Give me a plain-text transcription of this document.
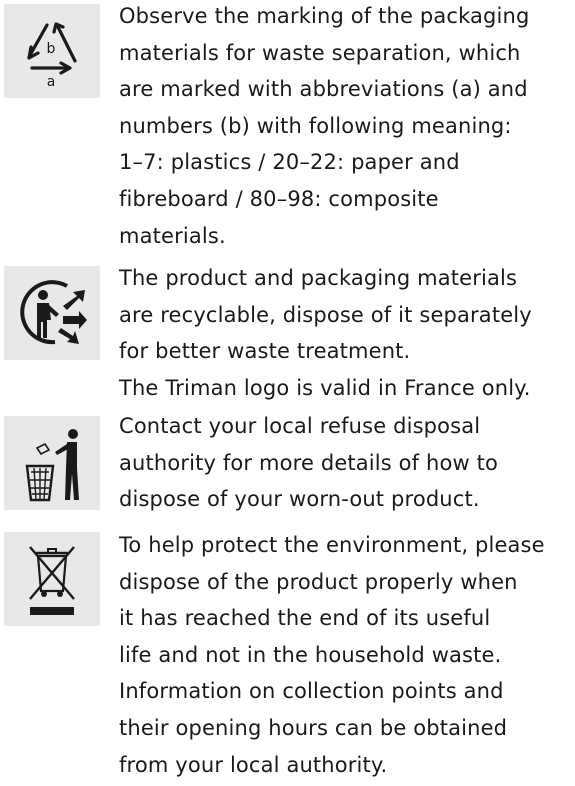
b
a

Observe the marking of the packaging
materials for waste separation, which
are marked with abbreviations (a) and
numbers (b) with following meaning:
1–7: plastics / 20–22: paper and
fibreboard / 80–98: composite
materials.

The product and packaging materials
are recyclable, dispose of it separately
for better waste treatment.
The Triman logo is valid in France only.

Contact your local refuse disposal
authority for more details of how to
dispose of your worn-out product.

To help protect the environment, please
dispose of the product properly when
it has reached the end of its useful
life and not in the household waste.
Information on collection points and
their opening hours can be obtained
from your local authority.
